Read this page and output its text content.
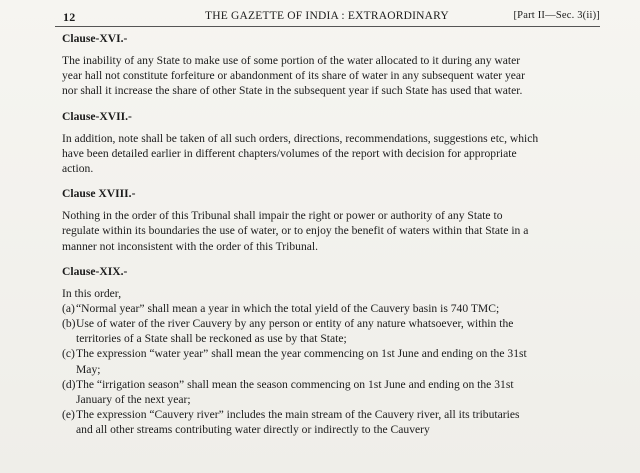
12	THE GAZETTE OF INDIA : EXTRAORDINARY	[Part II—Sec. 3(ii)]
Clause-XVI.-
The inability of any State to make use of some portion of the water allocated to it during any water
year hall not constitute forfeiture or abandonment of its share of water in any subsequent water year
nor shall it increase the share of other State in the subsequent year if such State has used that water.
Clause-XVII.-
In addition, note shall be taken of all such orders, directions, recommendations, suggestions etc, which
have been detailed earlier in different chapters/volumes of the report with decision for appropriate
action.
Clause XVIII.-
Nothing in the order of this Tribunal shall impair the right or power or authority of any State to
regulate within its boundaries the use of water, or to enjoy the benefit of waters within that State in a
manner not inconsistent with the order of this Tribunal.
Clause-XIX.-
In this order,
(a) “Normal year” shall mean a year in which the total yield of the Cauvery basin is 740 TMC;
(b) Use of water of the river Cauvery by any person or entity of any nature whatsoever, within the
territories of a State shall be reckoned as use by that State;
(c) The expression “water year” shall mean the year commencing on 1st June and ending on the 31st
May;
(d) The “irrigation season” shall mean the season commencing on 1st June and ending on the 31st
January of the next year;
(e) The expression “Cauvery river” includes the main stream of the Cauvery river, all its tributaries
and all other streams contributing water directly or indirectly to the Cauvery
